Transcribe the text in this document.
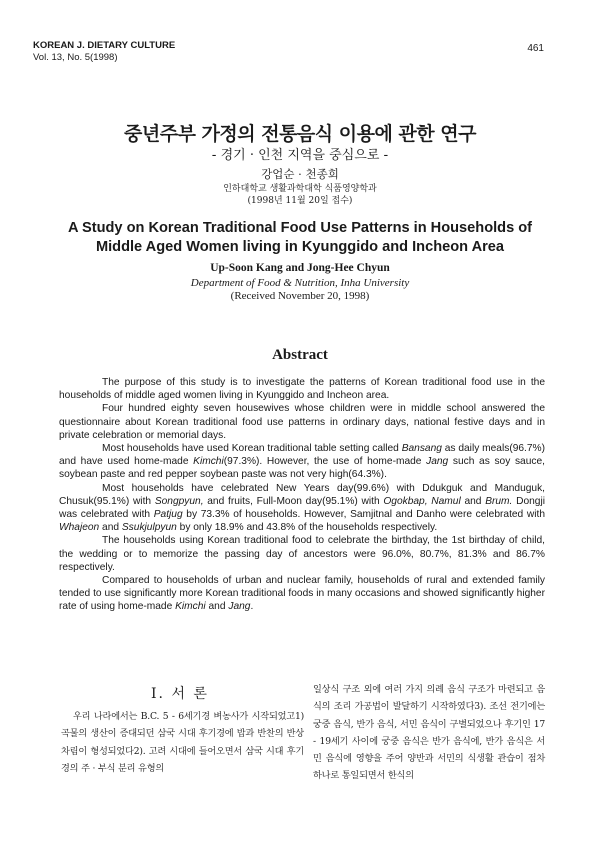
KOREAN J. DIETARY CULTURE
Vol. 13, No. 5(1998)
461
중년주부 가정의 전통음식 이용에 관한 연구
- 경기 · 인천 지역을 중심으로 -
강업순 · 천종희
인하대학교 생활과학대학 식품영양학과
(1998년 11월 20일 접수)
A Study on Korean Traditional Food Use Patterns in Households of
Middle Aged Women living in Kyunggido and Incheon Area
Up-Soon Kang and Jong-Hee Chyun
Department of Food & Nutrition, Inha University
(Received November 20, 1998)
Abstract

The purpose of this study is to investigate the patterns of Korean traditional food use in the households of middle aged women living in Kyunggido and Incheon area.

Four hundred eighty seven housewives whose children were in middle school answered the questionnaire about Korean traditional food use patterns in ordinary days, national festive days and in private celebration or memorial days.

Most households have used Korean traditional table setting called Bansang as daily meals(96.7%) and have used home-made Kimchi(97.3%). However, the use of home-made Jang such as soy sauce, soybean paste and red pepper soybean paste was not very high(64.3%).

Most households have celebrated New Years day(99.6%) with Ddukguk and Manduguk, Chusuk(95.1%) with Songpyun, and fruits, Full-Moon day(95.1%) with Ogokbap, Namul and Brum. Dongji was celebrated with Patjug by 73.3% of households. However, Samjitnal and Danho were celebrated with Whajeon and Ssukjulpyun by only 18.9% and 43.8% of the households respectively.

The households using Korean traditional food to celebrate the birthday, the 1st birthday of child, the wedding or to memorize the passing day of ancestors were 96.0%, 80.7%, 81.3% and 86.7% respectively.

Compared to households of urban and nuclear family, households of rural and extended family tended to use significantly more Korean traditional foods in many occasions and showed significantly higher rate of using home-made Kimchi and Jang.

I. 서 론

우리 나라에서는 B.C. 5 - 6세기경 벼농사가 시작되었고1) 곡물의 생산이 증대되던 삼국 시대 후기경에 밥과 반찬의 반상 차림이 형성되었다2). 고려 시대에 들어오면서 삼국 시대 후기경의 주 · 부식 분리 유형의

일상식 구조 외에 여러 가지 의례 음식 구조가 마련되고 음식의 조리 가공법이 발달하기 시작하였다3). 조선 전기에는 궁중 음식, 반가 음식, 서민 음식이 구별되었으나 후기인 17 - 19세기 사이에 궁중 음식은 반가 음식에, 반가 음식은 서민 음식에 영향을 주어 양반과 서민의 식생활 관습이 점차 하나로 통일되면서 한식의
